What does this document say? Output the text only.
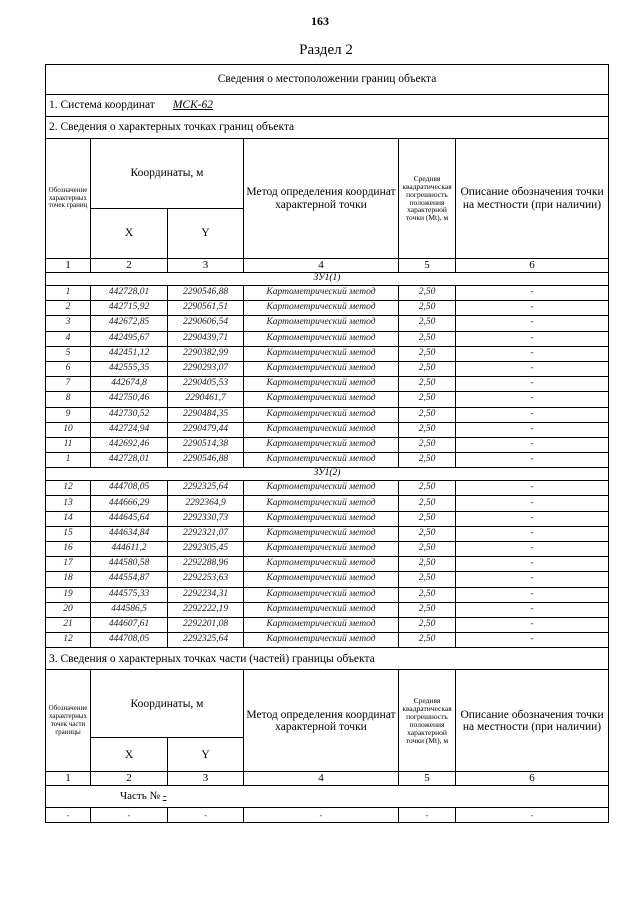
163
Раздел 2
Сведения о местоположении границ объекта					
1. Система координат МСК-62					
2. Сведения о характерных точках границ объекта					
Обозначение характерных точек границ	Координаты, м		Метод определения координат характерной точки	Средняя квадратическая погрешность положения характерной точки (Mt), м	Описание обозначения точки на местности (при наличии)
	X	Y			
1	2	3	4	5	6
ЗУ1(1)					
1	442728,01	2290546,88	Картометрический метод	2,50	-
2	442715,92	2290561,51	Картометрический метод	2,50	-
3	442672,85	2290606,54	Картометрический метод	2,50	-
4	442495,67	2290439,71	Картометрический метод	2,50	-
5	442451,12	2290382,99	Картометрический метод	2,50	-
6	442555,35	2290293,07	Картометрический метод	2,50	-
7	442674,8	2290405,53	Картометрический метод	2,50	-
8	442750,46	2290461,7	Картометрический метод	2,50	-
9	442730,52	2290484,35	Картометрический метод	2,50	-
10	442724,94	2290479,44	Картометрический метод	2,50	-
11	442692,46	2290514,38	Картометрический метод	2,50	-
1	442728,01	2290546,88	Картометрический метод	2,50	-
ЗУ1(2)					
12	444708,05	2292325,64	Картометрический метод	2,50	-
13	444666,29	2292364,9	Картометрический метод	2,50	-
14	444645,64	2292330,73	Картометрический метод	2,50	-
15	444634,84	2292321,07	Картометрический метод	2,50	-
16	444611,2	2292305,45	Картометрический метод	2,50	-
17	444580,58	2292288,96	Картометрический метод	2,50	-
18	444554,87	2292253,63	Картометрический метод	2,50	-
19	444575,33	2292234,31	Картометрический метод	2,50	-
20	444586,5	2292222,19	Картометрический метод	2,50	-
21	444607,61	2292201,08	Картометрический метод	2,50	-
12	444708,05	2292325,64	Картометрический метод	2,50	-
3. Сведения о характерных точках части (частей) границы объекта					
Обозначение характерных точек части границы	Координаты, м		Метод определения координат характерной точки	Средняя квадратическая погрешность положения характерной точки (Mt), м	Описание обозначения точки на местности (при наличии)
	X	Y			
1	2	3	4	5	6
Часть № -					
-	-	-	-	-	-
